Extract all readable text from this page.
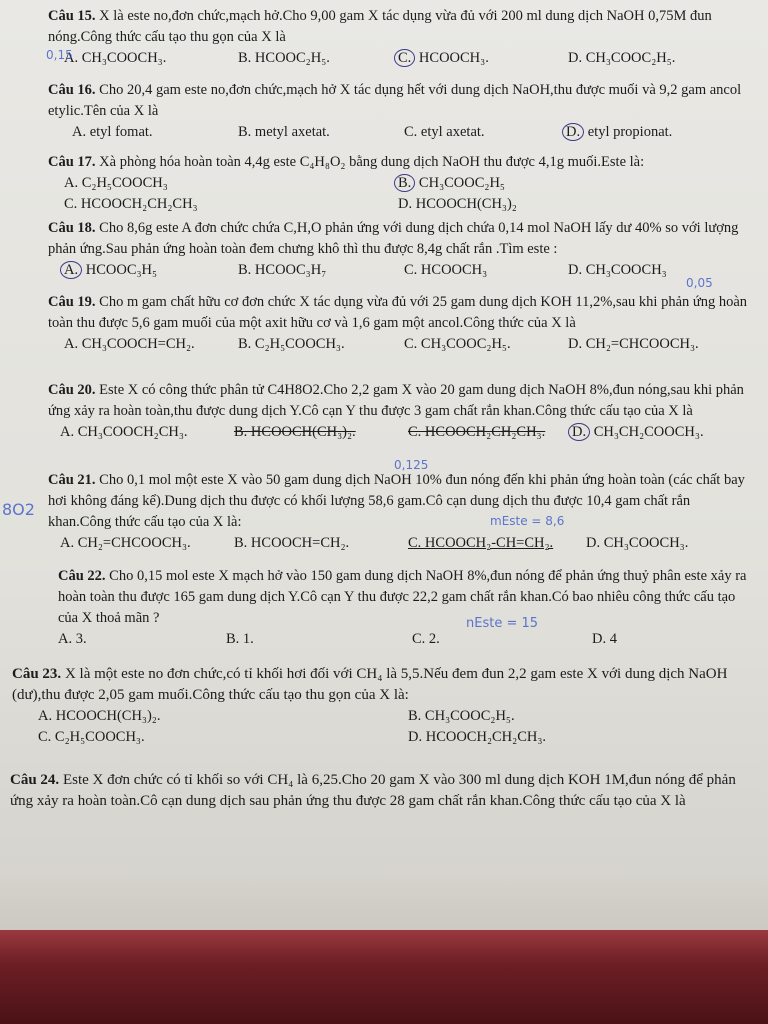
Câu 15. X là este no,đơn chức,mạch hở.Cho 9,00 gam X tác dụng vừa đủ với 200 ml dung dịch NaOH 0,75M đun nóng.Công thức cấu tạo thu gọn của X là
A. CH₃COOCH₃.	B. HCOOC₂H₅.	C. HCOOCH₃.	D. CH₃COOC₂H₅.
Câu 16. Cho 20,4 gam este no,đơn chức,mạch hở X tác dụng hết với dung dịch NaOH,thu được muối và 9,2 gam ancol etylic.Tên của X là
A. etyl fomat.	B. metyl axetat.	C. etyl axetat.	D. etyl propionat.
Câu 17. Xà phòng hóa hoàn toàn 4,4g este C₄H₈O₂ bằng dung dịch NaOH thu được 4,1g muối.Este là:
A. C₂H₅COOCH₃	B. CH₃COOC₂H₅
C. HCOOCH₂CH₂CH₃	D. HCOOCH(CH₃)₂
Câu 18. Cho 8,6g este A đơn chức chứa C,H,O phản ứng với dung dịch chứa 0,14 mol NaOH lấy dư 40% so với lượng phản ứng.Sau phản ứng hoàn toàn đem chưng khô thì thu được 8,4g chất rắn .Tìm este :
A. HCOOC₃H₅	B. HCOOC₃H₇	C. HCOOCH₃	D. CH₃COOCH₃
Câu 19. Cho m gam chất hữu cơ đơn chức X tác dụng vừa đủ với 25 gam dung dịch KOH 11,2%,sau khi phản ứng hoàn toàn thu được 5,6 gam muối của một axit hữu cơ và 1,6 gam một ancol.Công thức của X là
A. CH₃COOCH=CH₂.	B. C₂H₅COOCH₃.	C. CH₃COOC₂H₅.	D. CH₂=CHCOOCH₃.
Câu 20. Este X có công thức phân tử C4H8O2.Cho 2,2 gam X vào 20 gam dung dịch NaOH 8%,đun nóng,sau khi phản ứng xảy ra hoàn toàn,thu được dung dịch Y.Cô cạn Y thu được 3 gam chất rắn khan.Công thức cấu tạo của X là
A. CH₃COOCH₂CH₃.	B. HCOOCH(CH₃)₂.	C. HCOOCH₂CH₂CH₃. D. CH₃CH₂COOCH₃.
Câu 21. Cho 0,1 mol một este X vào 50 gam dung dịch NaOH 10% đun nóng đến khi phản ứng hoàn toàn (các chất bay hơi không đáng kể).Dung dịch thu được có khối lượng 58,6 gam.Cô cạn dung dịch thu được 10,4 gam chất rắn khan.Công thức cấu tạo của X là:
A. CH₂=CHCOOCH₃.	B. HCOOCH=CH₂.	C. HCOOCH₂-CH=CH₂. D. CH₃COOCH₃.
Câu 22. Cho 0,15 mol este X mạch hở vào 150 gam dung dịch NaOH 8%,đun nóng để phản ứng thuỷ phân este xảy ra hoàn toàn thu được 165 gam dung dịch Y.Cô cạn Y thu được 22,2 gam chất rắn khan.Có bao nhiêu công thức cấu tạo của X thoả mãn ?
A. 3.	B. 1.	C. 2.	D. 4
Câu 23. X là một este no đơn chức,có tỉ khối hơi đối với CH₄ là 5,5.Nếu đem đun 2,2 gam este X với dung dịch NaOH (dư),thu được 2,05 gam muối.Công thức cấu tạo thu gọn của X là:
A. HCOOCH(CH₃)₂.	B. CH₃COOC₂H₅.
C. C₂H₅COOCH₃.	D. HCOOCH₂CH₂CH₃.
Câu 24. Este X đơn chức có tỉ khối so với CH₄ là 6,25.Cho 20 gam X vào 300 ml dung dịch KOH 1M,đun nóng để phản ứng xảy ra hoàn toàn.Cô cạn dung dịch sau phản ứng thu được 28 gam chất rắn khan.Công thức cấu tạo của X là
0,15
0,05
0,125
mEste = 8,6
nEste = 15
8O2
